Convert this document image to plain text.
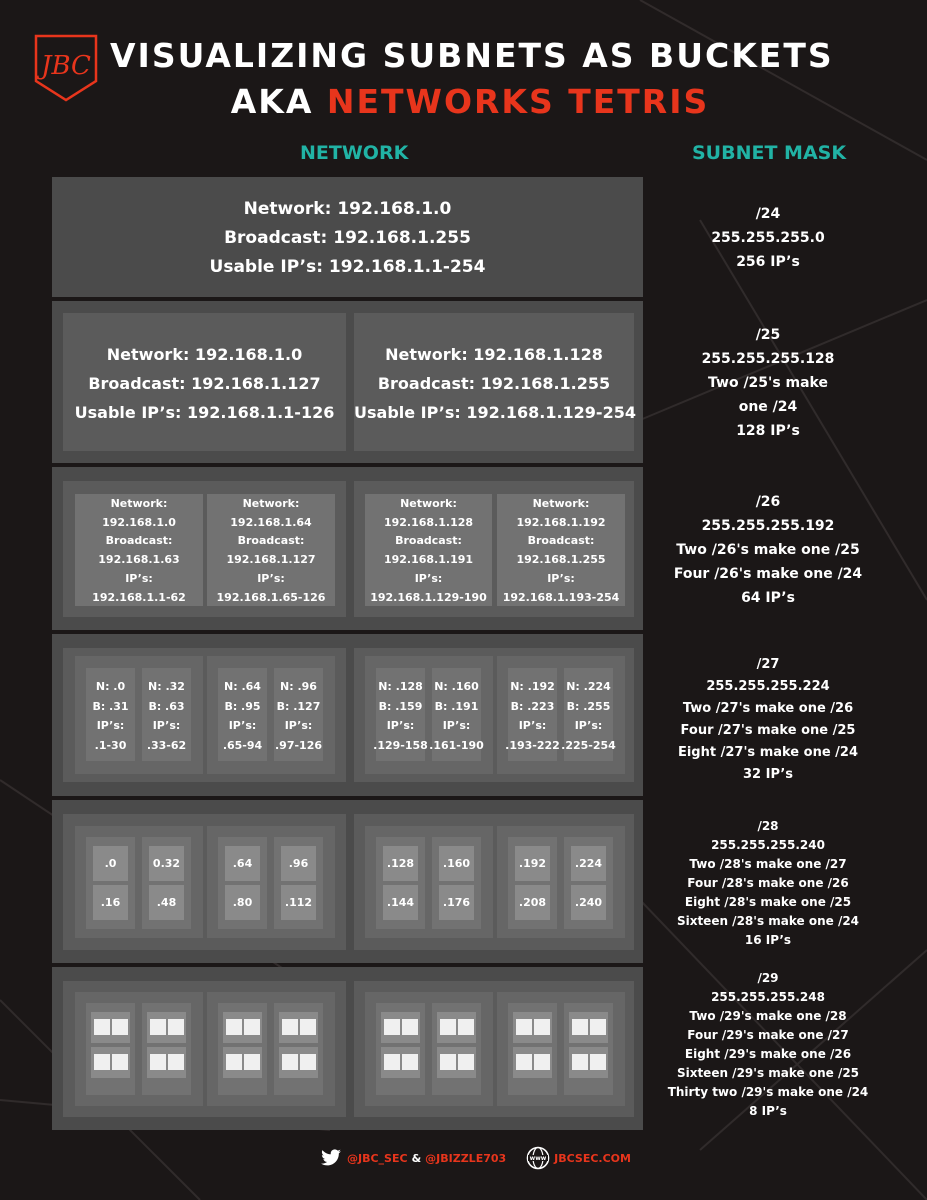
JBC VISUALIZING SUBNETS AS BUCKETS
AKA NETWORKS TETRIS
NETWORK	SUBNET MASK
Network: 192.168.1.0
Broadcast: 192.168.1.255
Usable IP’s: 192.168.1.1-254
/24
255.255.255.0
256 IP’s
Network: 192.168.1.0
Broadcast: 192.168.1.127
Usable IP’s: 192.168.1.1-126
Network: 192.168.1.128
Broadcast: 192.168.1.255
Usable IP’s: 192.168.1.129-254
/25
255.255.255.128
Two /25's make
one /24
128 IP’s
Network:
192.168.1.0
Broadcast:
192.168.1.63
IP’s:
192.168.1.1-62
Network:
192.168.1.64
Broadcast:
192.168.1.127
IP’s:
192.168.1.65-126
Network:
192.168.1.128
Broadcast:
192.168.1.191
IP’s:
192.168.1.129-190
Network:
192.168.1.192
Broadcast:
192.168.1.255
IP’s:
192.168.1.193-254
/26
255.255.255.192
Two /26's make one /25
Four /26's make one /24
64 IP’s
N: .0
B: .31
IP’s:
.1-30
N: .32
B: .63
IP’s:
.33-62
N: .64
B: .95
IP’s:
.65-94
N: .96
B: .127
IP’s:
.97-126
N: .128
B: .159
IP’s:
.129-158
N: .160
B: .191
IP’s:
.161-190
N: .192
B: .223
IP’s:
.193-222
N: .224
B: .255
IP’s:
.225-254
/27
255.255.255.224
Two /27's make one /26
Four /27's make one /25
Eight /27's make one /24
32 IP’s
.0
.16
0.32
.48
.64
.80
.96
.112
.128
.144
.160
.176
.192
.208
.224
.240
/28
255.255.255.240
Two /28's make one /27
Four /28's make one /26
Eight /28's make one /25
Sixteen /28's make one /24
16 IP’s
/29
255.255.255.248
Two /29's make one /28
Four /29's make one /27
Eight /29's make one /26
Sixteen /29's make one /25
Thirty two /29's make one /24
8 IP’s
@JBC_SEC & @JBIZZLE703	www JBCSEC.COM
